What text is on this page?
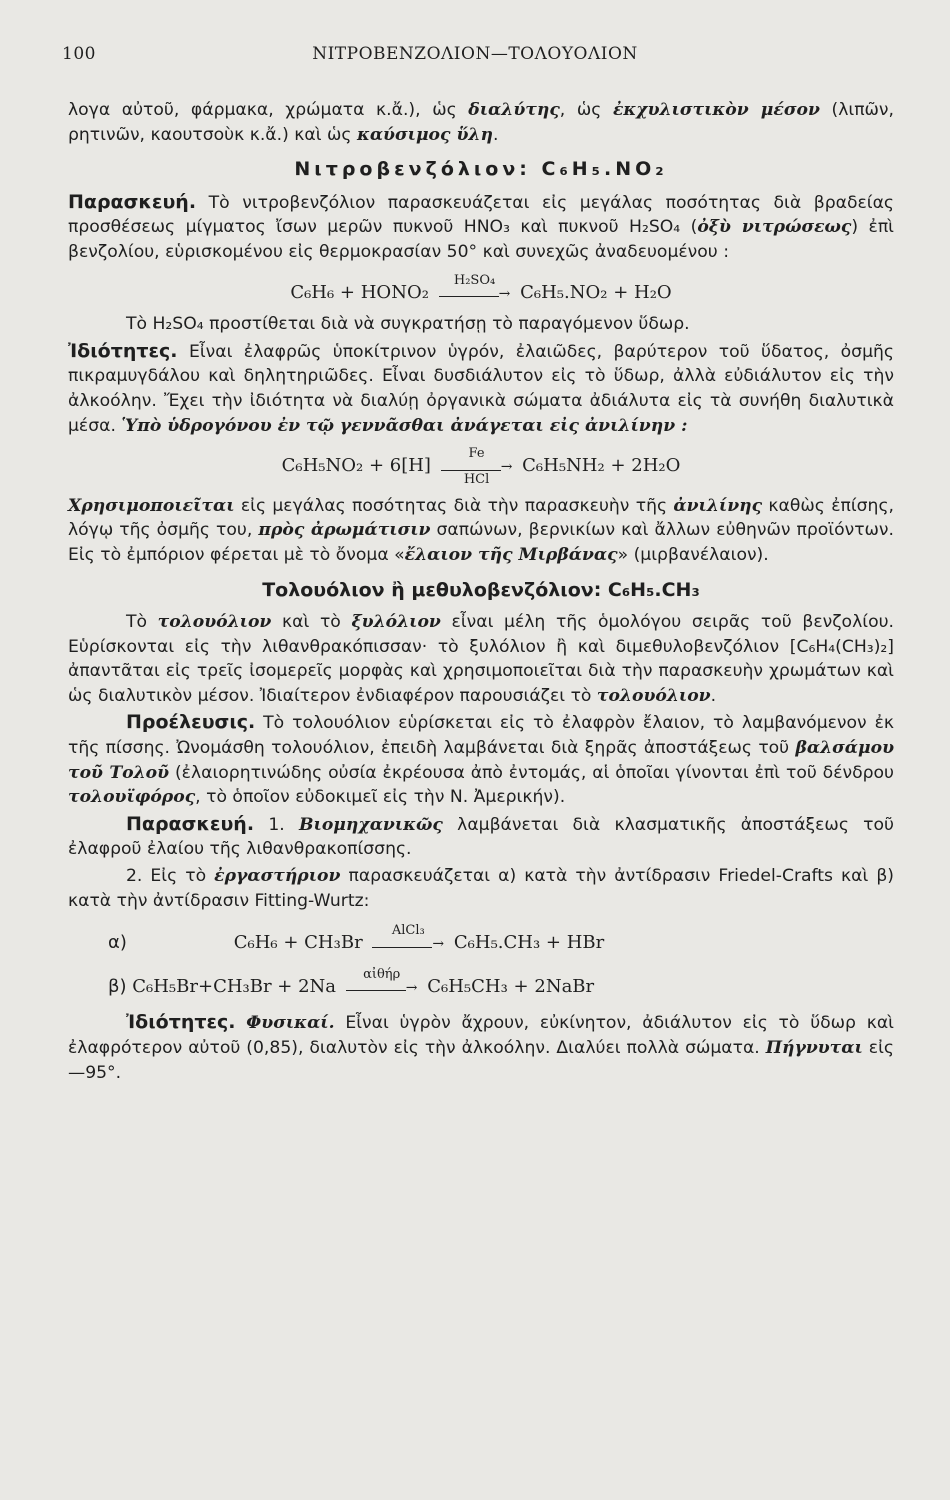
100	ΝΙΤΡΟΒΕΝΖΟΛΙΟΝ—ΤΟΛΟΥΟΛΙΟΝ

λογα αὐτοῦ, φάρμακα, χρώματα κ.ἄ.), ὡς διαλύτης, ὡς ἐκχυλιστικὸν μέσον (λιπῶν, ρητινῶν, καουτσοὺκ κ.ἄ.) καὶ ὡς καύσιμος ὕλη.

Νιτροβενζόλιον: C₆H₅.NO₂

Παρασκευή. Τὸ νιτροβενζόλιον παρασκευάζεται εἰς μεγάλας ποσότητας διὰ βραδείας προσθέσεως μίγματος ἴσων μερῶν πυκνοῦ HNO₃ καὶ πυκνοῦ H₂SO₄ (ὀξὺ νιτρώσεως) ἐπὶ βενζολίου, εὑρισκομένου εἰς θερμοκρασίαν 50° καὶ συνεχῶς ἀναδευομένου :

C₆H₆ + HONO₂
H₂SO₄
→ C₆H₅.NO₂ + H₂O

Τὸ H₂SO₄ προστίθεται διὰ νὰ συγκρατήσῃ τὸ παραγόμενον ὕδωρ.

Ἰδιότητες. Εἶναι ἐλαφρῶς ὑποκίτρινον ὑγρόν, ἐλαιῶδες, βαρύτερον τοῦ ὕδατος, ὀσμῆς πικραμυγδάλου καὶ δηλητηριῶδες. Εἶναι δυσδιάλυτον εἰς τὸ ὕδωρ, ἀλλὰ εὐδιάλυτον εἰς τὴν ἀλκοόλην. Ἔχει τὴν ἰδιότητα νὰ διαλύῃ ὀργανικὰ σώματα ἀδιάλυτα εἰς τὰ συνήθη διαλυτικὰ μέσα. Ὑπὸ ὑδρογόνου ἐν τῷ γεννᾶσθαι ἀνάγεται εἰς ἀνιλίνην :

C₆H₅NO₂ + 6[H]
Fe
→
HCl
C₆H₅NH₂ + 2H₂O

Χρησιμοποιεῖται εἰς μεγάλας ποσότητας διὰ τὴν παρασκευὴν τῆς ἀνιλίνης καθὼς ἐπίσης, λόγῳ τῆς ὀσμῆς του, πρὸς ἀρωμάτισιν σαπώνων, βερνικίων καὶ ἄλλων εὐθηνῶν προϊόντων. Εἰς τὸ ἐμπόριον φέρεται μὲ τὸ ὄνομα «ἔλαιον τῆς Μιρβάνας» (μιρβανέλαιον).

Τολουόλιον ἢ μεθυλοβενζόλιον: C₆H₅.CH₃

Τὸ τολουόλιον καὶ τὸ ξυλόλιον εἶναι μέλη τῆς ὁμολόγου σειρᾶς τοῦ βενζολίου. Εὑρίσκονται εἰς τὴν λιθανθρακόπισσαν· τὸ ξυλόλιον ἢ καὶ διμεθυλοβενζόλιον [C₆H₄(CH₃)₂] ἀπαντᾶται εἰς τρεῖς ἰσομερεῖς μορφὰς καὶ χρησιμοποιεῖται διὰ τὴν παρασκευὴν χρωμάτων καὶ ὡς διαλυτικὸν μέσον. Ἰδιαίτερον ἐνδιαφέρον παρουσιάζει τὸ τολουόλιον.

Προέλευσις. Τὸ τολουόλιον εὑρίσκεται εἰς τὸ ἐλαφρὸν ἔλαιον, τὸ λαμβανόμενον ἐκ τῆς πίσσης. Ὠνομάσθη τολουόλιον, ἐπειδὴ λαμβάνεται διὰ ξηρᾶς ἀποστάξεως τοῦ βαλσάμου τοῦ Τολοῦ (ἐλαιορητινώδης οὐσία ἐκρέουσα ἀπὸ ἐντομάς, αἱ ὁποῖαι γίνονται ἐπὶ τοῦ δένδρου τολουϊφόρος, τὸ ὁποῖον εὐδοκιμεῖ εἰς τὴν Ν. Ἀμερικήν).

Παρασκευή. 1. Βιομηχανικῶς λαμβάνεται διὰ κλασματικῆς ἀποστάξεως τοῦ ἐλαφροῦ ἐλαίου τῆς λιθανθρακοπίσσης.

2. Εἰς τὸ ἐργαστήριον παρασκευάζεται α) κατὰ τὴν ἀντίδρασιν Friedel-Crafts καὶ β) κατὰ τὴν ἀντίδρασιν Fitting-Wurtz:

α)	C₆H₆ + CH₃Br
AlCl₃
→ C₆H₅.CH₃ + HBr
β) C₆H₅Br+CH₃Br + 2Na
αἰθήρ
→ C₆H₅CH₃ + 2NaBr

Ἰδιότητες. Φυσικαί. Εἶναι ὑγρὸν ἄχρουν, εὐκίνητον, ἀδιάλυτον εἰς τὸ ὕδωρ καὶ ἐλαφρότερον αὐτοῦ (0,85), διαλυτὸν εἰς τὴν ἀλκοόλην. Διαλύει πολλὰ σώματα. Πήγνυται εἰς —95°.
